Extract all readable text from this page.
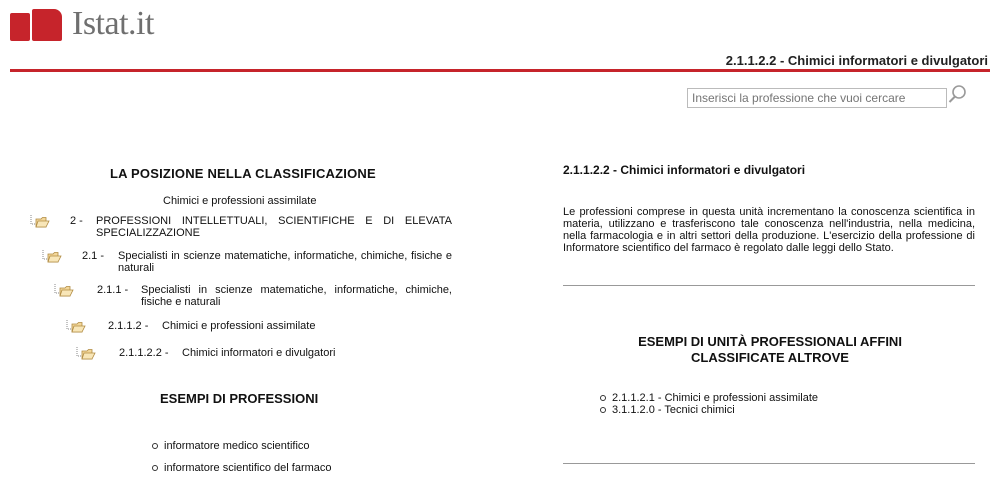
Istat.it
2.1.1.2.2 - Chimici informatori e divulgatori
Inserisci la professione che vuoi cercare
LA POSIZIONE NELLA CLASSIFICAZIONE
Chimici e professioni assimilate
2 -	PROFESSIONI INTELLETTUALI, SCIENTIFICHE E DI ELEVATA SPECIALIZZAZIONE
2.1 -	Specialisti in scienze matematiche, informatiche, chimiche, fisiche e naturali
2.1.1 -	Specialisti in scienze matematiche, informatiche, chimiche, fisiche e naturali
2.1.1.2 -	Chimici e professioni assimilate
2.1.1.2.2 -	Chimici informatori e divulgatori
ESEMPI DI PROFESSIONI
informatore medico scientifico
informatore scientifico del farmaco
2.1.1.2.2 - Chimici informatori e divulgatori
Le professioni comprese in questa unità incrementano la conoscenza scientifica in materia, utilizzano e trasferiscono tale conoscenza nell'industria, nella medicina, nella farmacologia e in altri settori della produzione. L'esercizio della professione di Informatore scientifico del farmaco è regolato dalle leggi dello Stato.
ESEMPI DI UNITÀ PROFESSIONALI AFFINI
CLASSIFICATE ALTROVE
2.1.1.2.1 - Chimici e professioni assimilate
3.1.1.2.0 - Tecnici chimici
